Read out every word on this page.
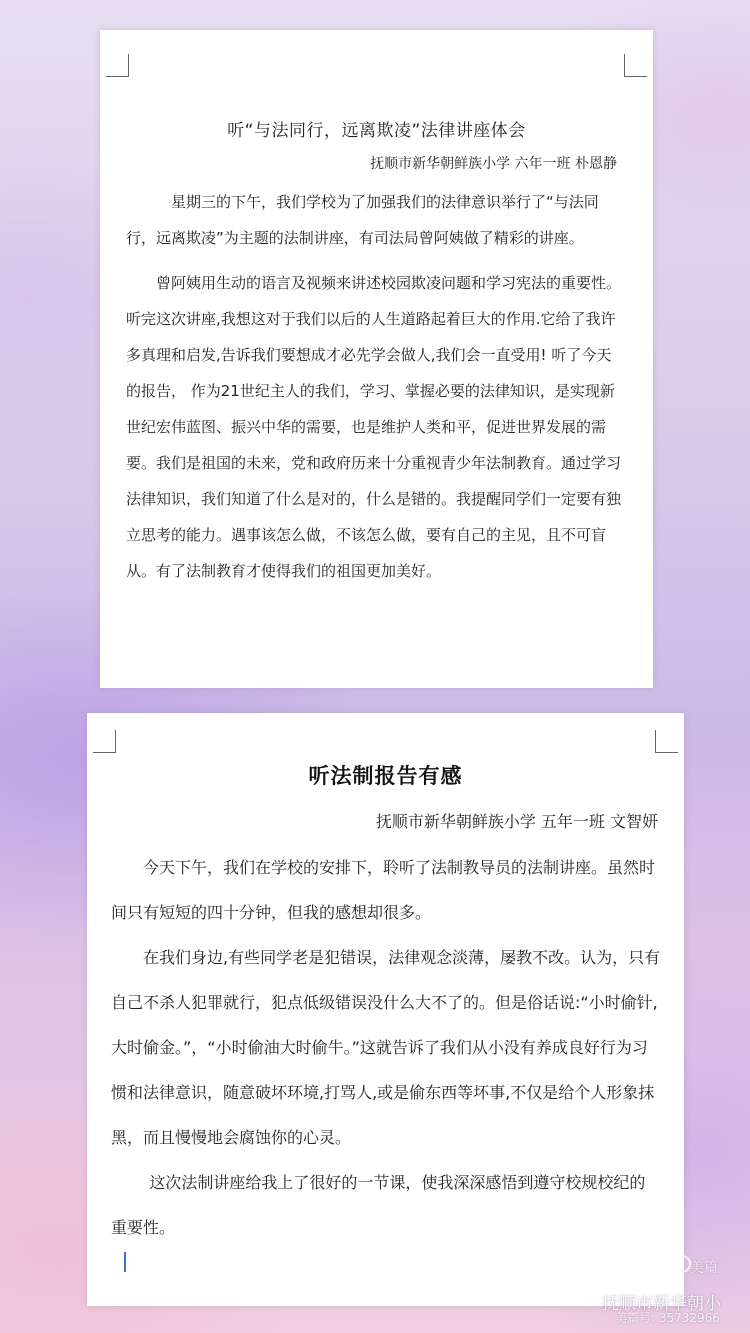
听“与法同行，远离欺凌”法律讲座体会
抚顺市新华朝鲜族小学 六年一班 朴恩静

星期三的下午，我们学校为了加强我们的法律意识举行了“与法同行，远离欺凌”为主题的法制讲座，有司法局曾阿姨做了精彩的讲座。

曾阿姨用生动的语言及视频来讲述校园欺凌问题和学习宪法的重要性。听完这次讲座,我想这对于我们以后的人生道路起着巨大的作用.它给了我许多真理和启发,告诉我们要想成才必先学会做人,我们会一直受用! 听了今天的报告， 作为21世纪主人的我们，学习、掌握必要的法律知识，是实现新世纪宏伟蓝图、振兴中华的需要，也是维护人类和平，促进世界发展的需要。我们是祖国的未来，党和政府历来十分重视青少年法制教育。通过学习法律知识，我们知道了什么是对的，什么是错的。我提醒同学们一定要有独立思考的能力。遇事该怎么做，不该怎么做，要有自己的主见，且不可盲从。有了法制教育才使得我们的祖国更加美好。

听法制报告有感
抚顺市新华朝鲜族小学 五年一班 文智妍

今天下午，我们在学校的安排下，聆听了法制教导员的法制讲座。虽然时间只有短短的四十分钟，但我的感想却很多。

在我们身边,有些同学老是犯错误，法律观念淡薄，屡教不改。认为，只有自己不杀人犯罪就行，犯点低级错误没什么大不了的。但是俗话说:“小时偷针,大时偷金。”，“小时偷油大时偷牛。”这就告诉了我们从小没有养成良好行为习惯和法律意识，随意破坏环境,打骂人,或是偷东西等坏事,不仅是给个人形象抹黑，而且慢慢地会腐蚀你的心灵。

这次法制讲座给我上了很好的一节课，使我深深感悟到遵守校规校纪的重要性。

美篇
抚顺市新华朝小
美篇号: 35732966
